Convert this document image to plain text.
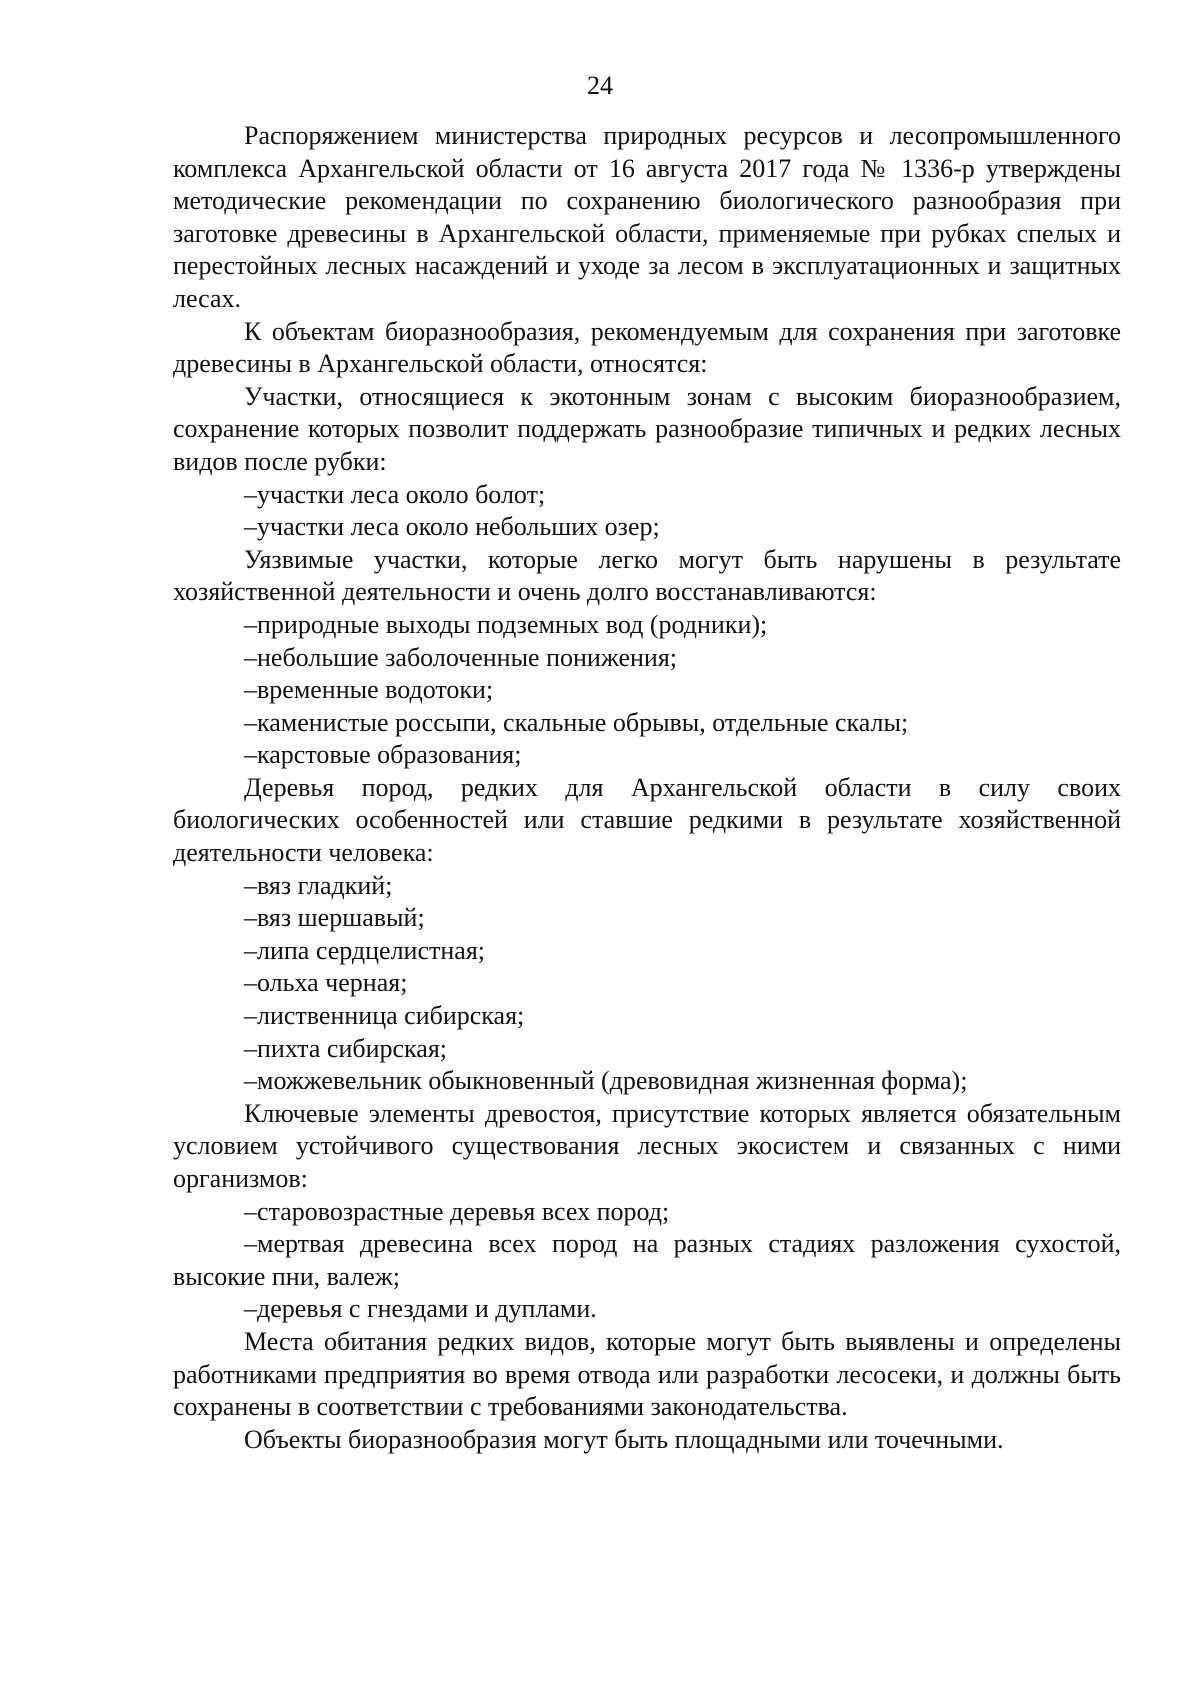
24

Распоряжением министерства природных ресурсов и лесопромышленного комплекса Архангельской области от 16 августа 2017 года № 1336-р утверждены методические рекомендации по сохранению биологического разнообразия при заготовке древесины в Архангельской области, применяемые при рубках спелых и перестойных лесных насаждений и уходе за лесом в эксплуатационных и защитных лесах.

К объектам биоразнообразия, рекомендуемым для сохранения при заготовке древесины в Архангельской области, относятся:

Участки, относящиеся к экотонным зонам с высоким биоразнообразием, сохранение которых позволит поддержать разнообразие типичных и редких лесных видов после рубки:

–участки леса около болот;

–участки леса около небольших озер;

Уязвимые участки, которые легко могут быть нарушены в результате хозяйственной деятельности и очень долго восстанавливаются:

–природные выходы подземных вод (родники);

–небольшие заболоченные понижения;

–временные водотоки;

–каменистые россыпи, скальные обрывы, отдельные скалы;

–карстовые образования;

Деревья пород, редких для Архангельской области в силу своих биологических особенностей или ставшие редкими в результате хозяйственной деятельности человека:

–вяз гладкий;

–вяз шершавый;

–липа сердцелистная;

–ольха черная;

–лиственница сибирская;

–пихта сибирская;

–можжевельник обыкновенный (древовидная жизненная форма);

Ключевые элементы древостоя, присутствие которых является обязательным условием устойчивого существования лесных экосистем и связанных с ними организмов:

–старовозрастные деревья всех пород;

–мертвая древесина всех пород на разных стадиях разложения сухостой, высокие пни, валеж;

–деревья с гнездами и дуплами.

Места обитания редких видов, которые могут быть выявлены и определены работниками предприятия во время отвода или разработки лесосеки, и должны быть сохранены в соответствии с требованиями законодательства.

Объекты биоразнообразия могут быть площадными или точечными.
